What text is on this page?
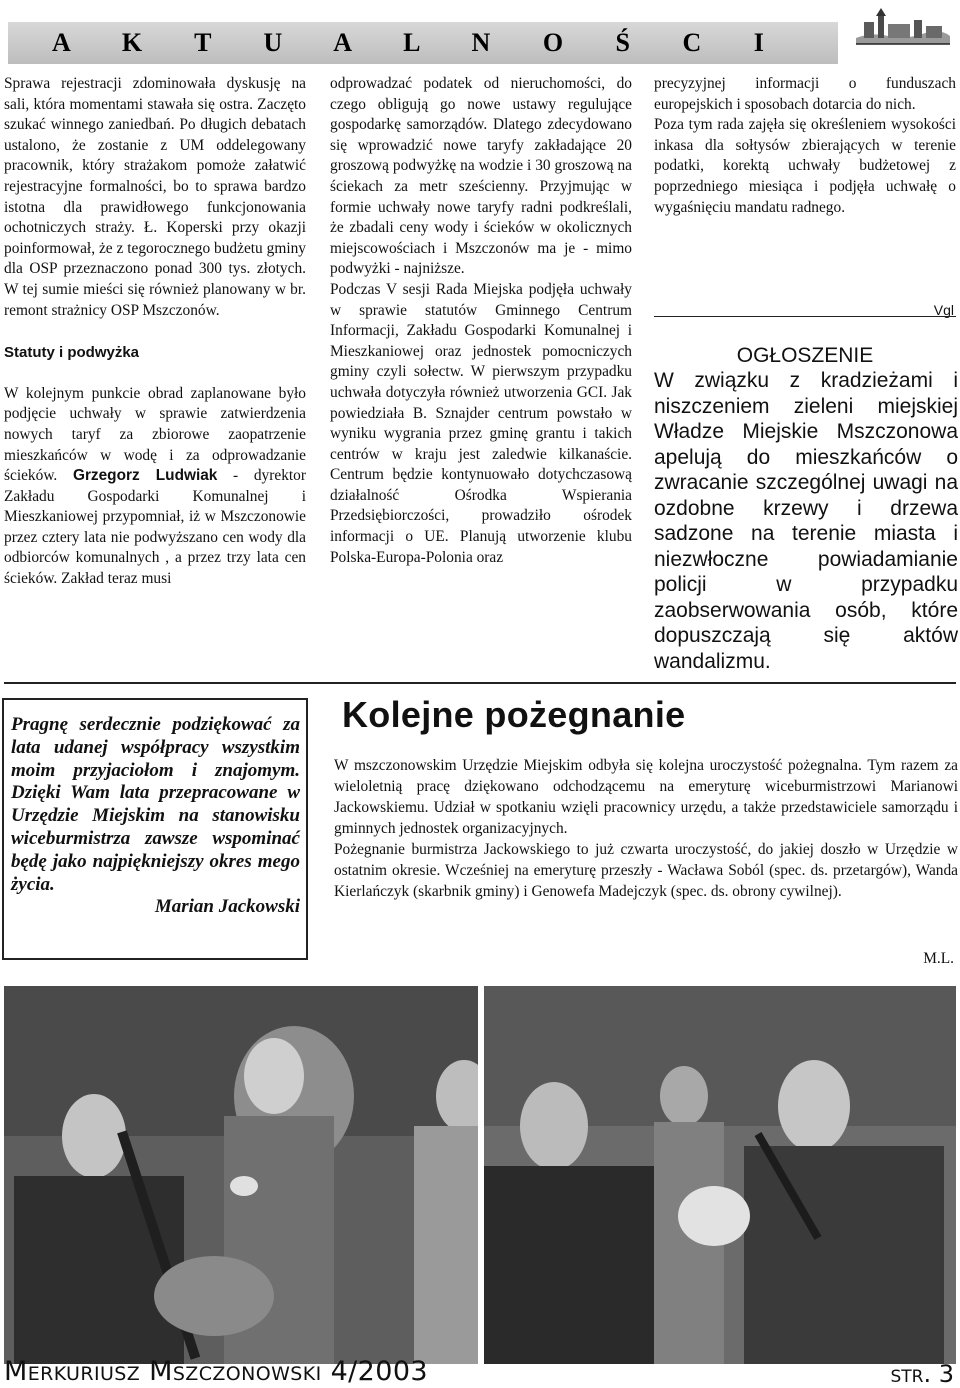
A K T U A L N O Ś C I

Sprawa rejestracji zdominowała dyskusję na sali, która momentami stawała się ostra. Zaczęto szukać winnego zaniedbań. Po długich debatach ustalono, że zostanie z UM oddelegowany pracownik, który strażakom pomoże załatwić rejestracyjne formalności, bo to sprawa bardzo istotna dla prawidłowego funkcjonowania ochotniczych straży. Ł. Koperski przy okazji poinformował, że z tegorocznego budżetu gminy dla OSP przeznaczono ponad 300 tys. złotych. W tej sumie mieści się również planowany w br. remont strażnicy OSP Mszczonów.

Statuty i podwyżka

W kolejnym punkcie obrad zaplanowane było podjęcie uchwały w sprawie zatwierdzenia nowych taryf za zbiorowe zaopatrzenie mieszkańców w wodę i za odprowadzanie ścieków. Grzegorz Ludwiak - dyrektor Zakładu Gospodarki Komunalnej i Mieszkaniowej przypomniał, iż w Mszczonowie przez cztery lata nie podwyższano cen wody dla odbiorców komunalnych , a przez trzy lata cen ścieków. Zakład teraz musi

odprowadzać podatek od nieruchomości, do czego obligują go nowe ustawy regulujące gospodarkę samorządów. Dlatego zdecydowano się wprowadzić nowe taryfy zakładające 20 groszową podwyżkę na wodzie i 30 groszową na ściekach za metr sześcienny. Przyjmując w formie uchwały nowe taryfy radni podkreślali, że zbadali ceny wody i ścieków w okolicznych miejscowościach i Mszczonów ma je - mimo podwyżki - najniższe.

Podczas V sesji Rada Miejska podjęła uchwały w sprawie statutów Gminnego Centrum Informacji, Zakładu Gospodarki Komunalnej i Mieszkaniowej oraz jednostek pomocniczych gminy czyli sołectw. W pierwszym przypadku uchwała dotyczyła również utworzenia GCI. Jak powiedziała B. Sznajder centrum powstało w wyniku wygrania przez gminę grantu i takich centrów w kraju jest zaledwie kilkanaście. Centrum będzie kontynuowało dotychczasową działalność Ośrodka Wspierania Przedsiębiorczości, prowadziło ośrodek informacji o UE. Planują utworzenie klubu Polska-Europa-Polonia oraz

precyzyjnej informacji o funduszach europejskich i sposobach dotarcia do nich.

Poza tym rada zajęła się określeniem wysokości inkasa dla sołtysów zbierających w terenie podatki, korektą uchwały budżetowej z poprzedniego miesiąca i podjęła uchwałę o wygaśnięciu mandatu radnego.

Vgl
OGŁOSZENIE
W związku z kradzieżami i niszczeniem zieleni miejskiej Władze Miejskie Mszczonowa apelują do mieszkańców o zwracanie szczególnej uwagi na ozdobne krzewy i drzewa sadzone na terenie miasta i niezwłoczne powiadamianie policji w przypadku zaobserwowania osób, które dopuszczają się aktów wandalizmu.
Pragnę serdecznie podziękować za lata udanej współpracy wszystkim moim przyjaciołom i znajomym. Dzięki Wam lata przepracowane w Urzędzie Miejskim na stanowisku wiceburmistrza zawsze wspominać będę jako najpiękniejszy okres mego życia.
Marian Jackowski
Kolejne pożegnanie

W mszczonowskim Urzędzie Miejskim odbyła się kolejna uroczystość pożegnalna. Tym razem za wieloletnią pracę dziękowano odchodzącemu na emeryturę wiceburmistrzowi Marianowi Jackowskiemu. Udział w spotkaniu wzięli pracownicy urzędu, a także przedstawiciele samorządu i gminnych jednostek organizacyjnych.

Pożegnanie burmistrza Jackowskiego to już czwarta uroczystość, do jakiej doszło w Urzędzie w ostatnim okresie. Wcześniej na emeryturę przeszły - Wacława Soból (spec. ds. przetargów), Wanda Kierlańczyk (skarbnik gminy) i Genowefa Madejczyk (spec. ds. obrony cywilnej).

M.L.
Merkuriusz Mszczonowski 4/2003	str. 3
